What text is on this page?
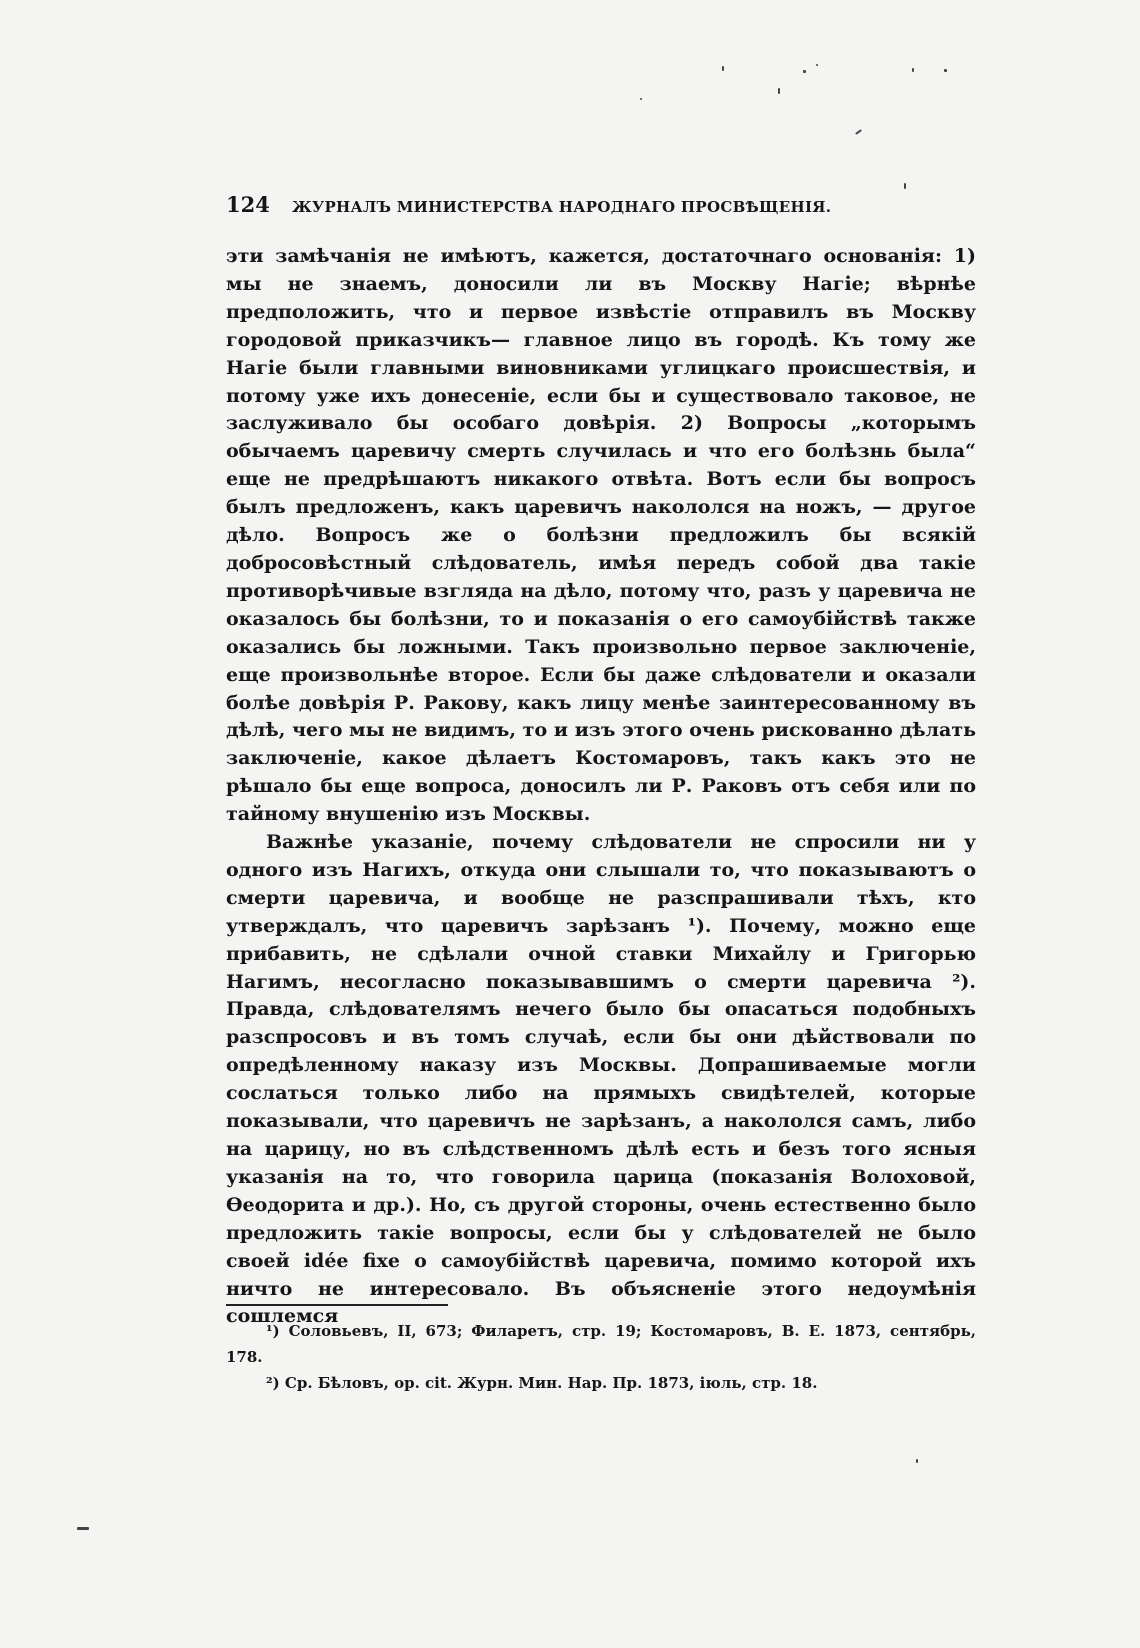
124	ЖУРНАЛЪ МИНИСТЕРСТВА НАРОДНАГО ПРОСВѢЩЕНІЯ.

эти замѣчанія не имѣютъ, кажется, достаточнаго основанія: 1) мы не знаемъ, доносили ли въ Москву Нагіе; вѣрнѣе предположить, что и первое извѣстіе отправилъ въ Москву городовой приказчикъ— главное лицо въ городѣ. Къ тому же Нагіе были главными виновниками углицкаго происшествія, и потому уже ихъ донесеніе, если бы и существовало таковое, не заслуживало бы особаго довѣрія. 2) Вопросы „которымъ обычаемъ царевичу смерть случилась и что его болѣзнь была“ еще не предрѣшаютъ никакого отвѣта. Вотъ если бы вопросъ былъ предложенъ, какъ царевичъ накололся на ножъ, — другое дѣло. Вопросъ же о болѣзни предложилъ бы всякій добросовѣстный слѣдователь, имѣя передъ собой два такіе противорѣчивые взгляда на дѣло, потому что, разъ у царевича не оказалось бы болѣзни, то и показанія о его самоубійствѣ также оказались бы ложными. Такъ произвольно первое заключеніе, еще произвольнѣе второе. Если бы даже слѣдователи и оказали болѣе довѣрія Р. Ракову, какъ лицу менѣе заинтересованному въ дѣлѣ, чего мы не видимъ, то и изъ этого очень рискованно дѣлать заключеніе, какое дѣлаетъ Костомаровъ, такъ какъ это не рѣшало бы еще вопроса, доносилъ ли Р. Раковъ отъ себя или по тайному внушенію изъ Москвы.

Важнѣе указаніе, почему слѣдователи не спросили ни у одного изъ Нагихъ, откуда они слышали то, что показываютъ о смерти царевича, и вообще не разспрашивали тѣхъ, кто утверждалъ, что царевичъ зарѣзанъ ¹). Почему, можно еще прибавить, не сдѣлали очной ставки Михайлу и Григорью Нагимъ, несогласно показывавшимъ о смерти царевича ²). Правда, слѣдователямъ нечего было бы опасаться подобныхъ разспросовъ и въ томъ случаѣ, если бы они дѣйствовали по опредѣленному наказу изъ Москвы. Допрашиваемые могли сослаться только либо на прямыхъ свидѣтелей, которые показывали, что царевичъ не зарѣзанъ, а накололся самъ, либо на царицу, но въ слѣдственномъ дѣлѣ есть и безъ того ясныя указанія на то, что говорила царица (показанія Волоховой, Ѳеодорита и др.). Но, съ другой стороны, очень естественно было предложить такіе вопросы, если бы у слѣдователей не было своей idée fixe о самоубійствѣ царевича, помимо которой ихъ ничто не интересовало. Въ объясненіе этого недоумѣнія сошлемся

¹) Соловьевъ, II, 673; Филаретъ, стр. 19; Костомаровъ, В. Е. 1873, сентябрь, 178.

²) Ср. Бѣловъ, op. cit. Журн. Мин. Нар. Пр. 1873, іюль, стр. 18.
